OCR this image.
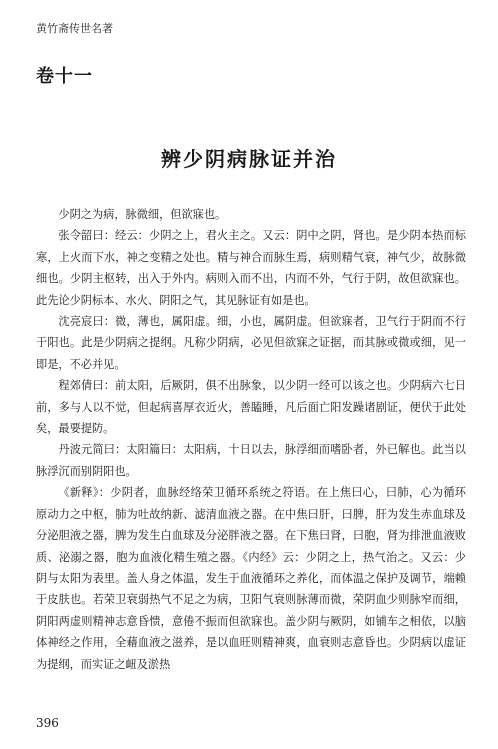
黄竹斋传世名著
卷十一
辨少阴病脉证并治

少阴之为病，脉微细，但欲寐也。

张令韶曰：经云：少阴之上，君火主之。又云：阴中之阴，肾也。是少阴本热而标寒，上火而下水，神之变精之处也。精与神合而脉生焉，病则精气衰，神气少，故脉微细也。少阴主枢转，出入于外内。病则入而不出，内而不外，气行于阴，故但欲寐也。此先论少阴标本、水火、阴阳之气，其见脉证有如是也。

沈亮宸曰：微，薄也，属阳虚。细，小也，属阴虚。但欲寐者，卫气行于阴而不行于阳也。此是少阴病之提纲。凡称少阴病，必见但欲寐之证据，而其脉或微或细，见一即是，不必并见。

程郊倩曰：前太阳，后厥阴，俱不出脉象，以少阴一经可以该之也。少阴病六七日前，多与人以不觉，但起病喜厚衣近火，善瞌睡，凡后面亡阳发躁诸剧证，便伏于此处矣，最要提防。

丹波元简曰：太阳篇曰：太阳病，十日以去，脉浮细而嗜卧者，外已解也。此当以脉浮沉而别阴阳也。

《新释》：少阴者，血脉经络荣卫循环系统之符语。在上焦曰心，曰肺，心为循环原动力之中枢，肺为吐故纳新、滤清血液之器。在中焦曰肝，曰脾，肝为发生赤血球及分泌胆液之器，脾为发生白血球及分泌胖液之器。在下焦曰肾，曰胞，肾为排泄血液败质、泌溺之器，胞为血液化精生殖之器。《内经》云：少阴之上，热气治之。又云：少阴与太阳为表里。盖人身之体温，发生于血液循环之养化，而体温之保护及调节，端赖于皮肤也。若荣卫衰弱热气不足之为病，卫阳气衰则脉薄而微，荣阴血少则脉窄而细，阴阳两虚则精神志意昏愦，意倦不振而但欲寐也。盖少阴与厥阴，如铺车之相依，以脑体神经之作用，全藉血液之滋养，是以血旺则精神爽，血衰则志意昏也。少阴病以虚证为提纲，而实证之衄及淤热

396
